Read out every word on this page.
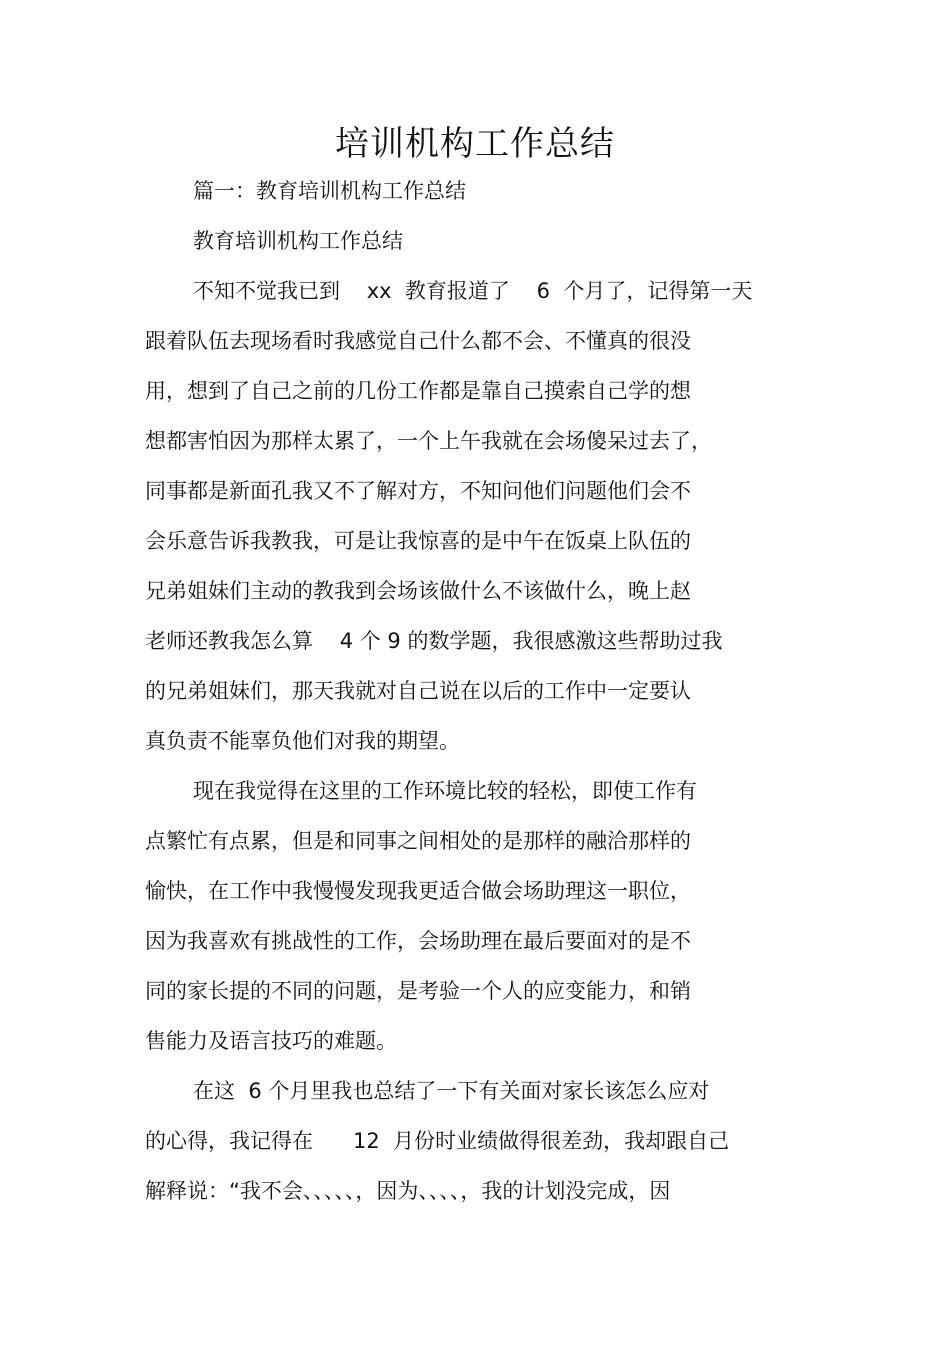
培训机构工作总结

篇一：教育培训机构工作总结

教育培训机构工作总结

不知不觉我已到    xx  教育报道了    6  个月了，记得第一天

跟着队伍去现场看时我感觉自己什么都不会、不懂真的很没

用，想到了自己之前的几份工作都是靠自己摸索自己学的想

想都害怕因为那样太累了，一个上午我就在会场傻呆过去了，

同事都是新面孔我又不了解对方，不知问他们问题他们会不

会乐意告诉我教我，可是让我惊喜的是中午在饭桌上队伍的

兄弟姐妹们主动的教我到会场该做什么不该做什么，晚上赵

老师还教我怎么算    4 个 9 的数学题，我很感激这些帮助过我

的兄弟姐妹们，那天我就对自己说在以后的工作中一定要认

真负责不能辜负他们对我的期望。

现在我觉得在这里的工作环境比较的轻松，即使工作有

点繁忙有点累，但是和同事之间相处的是那样的融洽那样的

愉快，在工作中我慢慢发现我更适合做会场助理这一职位，

因为我喜欢有挑战性的工作，会场助理在最后要面对的是不

同的家长提的不同的问题，是考验一个人的应变能力，和销

售能力及语言技巧的难题。

在这  6 个月里我也总结了一下有关面对家长该怎么应对

的心得，我记得在      12  月份时业绩做得很差劲，我却跟自己

解释说：“我不会、、、、、，因为、、、、，我的计划没完成，因
